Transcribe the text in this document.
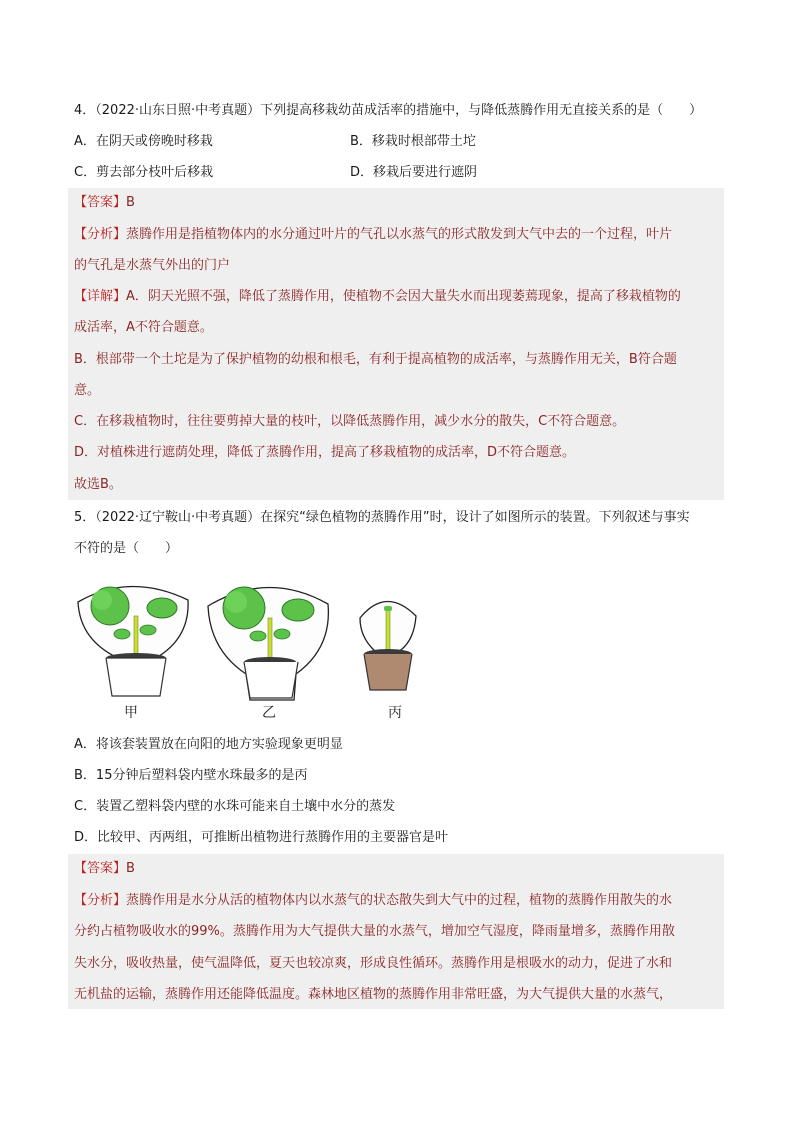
4．（2022·山东日照·中考真题）下列提高移栽幼苗成活率的措施中，与降低蒸腾作用无直接关系的是（　　）
A．在阴天或傍晚时移栽	B．移栽时根部带土坨
C．剪去部分枝叶后移栽	D．移栽后要进行遮阴
【答案】B
【分析】蒸腾作用是指植物体内的水分通过叶片的气孔以水蒸气的形式散发到大气中去的一个过程，叶片
的气孔是水蒸气外出的门户
【详解】A．阴天光照不强，降低了蒸腾作用，使植物不会因大量失水而出现萎蔫现象，提高了移栽植物的
成活率，A不符合题意。
B．根部带一个土坨是为了保护植物的幼根和根毛，有利于提高植物的成活率，与蒸腾作用无关，B符合题
意。
C．在移栽植物时，往往要剪掉大量的枝叶，以降低蒸腾作用，减少水分的散失，C不符合题意。
D．对植株进行遮荫处理，降低了蒸腾作用，提高了移栽植物的成活率，D不符合题意。
故选B。
5．（2022·辽宁鞍山·中考真题）在探究“绿色植物的蒸腾作用”时，设计了如图所示的装置。下列叙述与事实
不符的是（　　）
甲	乙	丙
A．将该套装置放在向阳的地方实验现象更明显
B．15分钟后塑料袋内壁水珠最多的是丙
C．装置乙塑料袋内壁的水珠可能来自土壤中水分的蒸发
D．比较甲、丙两组，可推断出植物进行蒸腾作用的主要器官是叶
【答案】B
【分析】蒸腾作用是水分从活的植物体内以水蒸气的状态散失到大气中的过程，植物的蒸腾作用散失的水
分约占植物吸收水的99%。蒸腾作用为大气提供大量的水蒸气，增加空气湿度，降雨量增多，蒸腾作用散
失水分，吸收热量，使气温降低，夏天也较凉爽，形成良性循环。蒸腾作用是根吸水的动力，促进了水和
无机盐的运输，蒸腾作用还能降低温度。森林地区植物的蒸腾作用非常旺盛，为大气提供大量的水蒸气，
